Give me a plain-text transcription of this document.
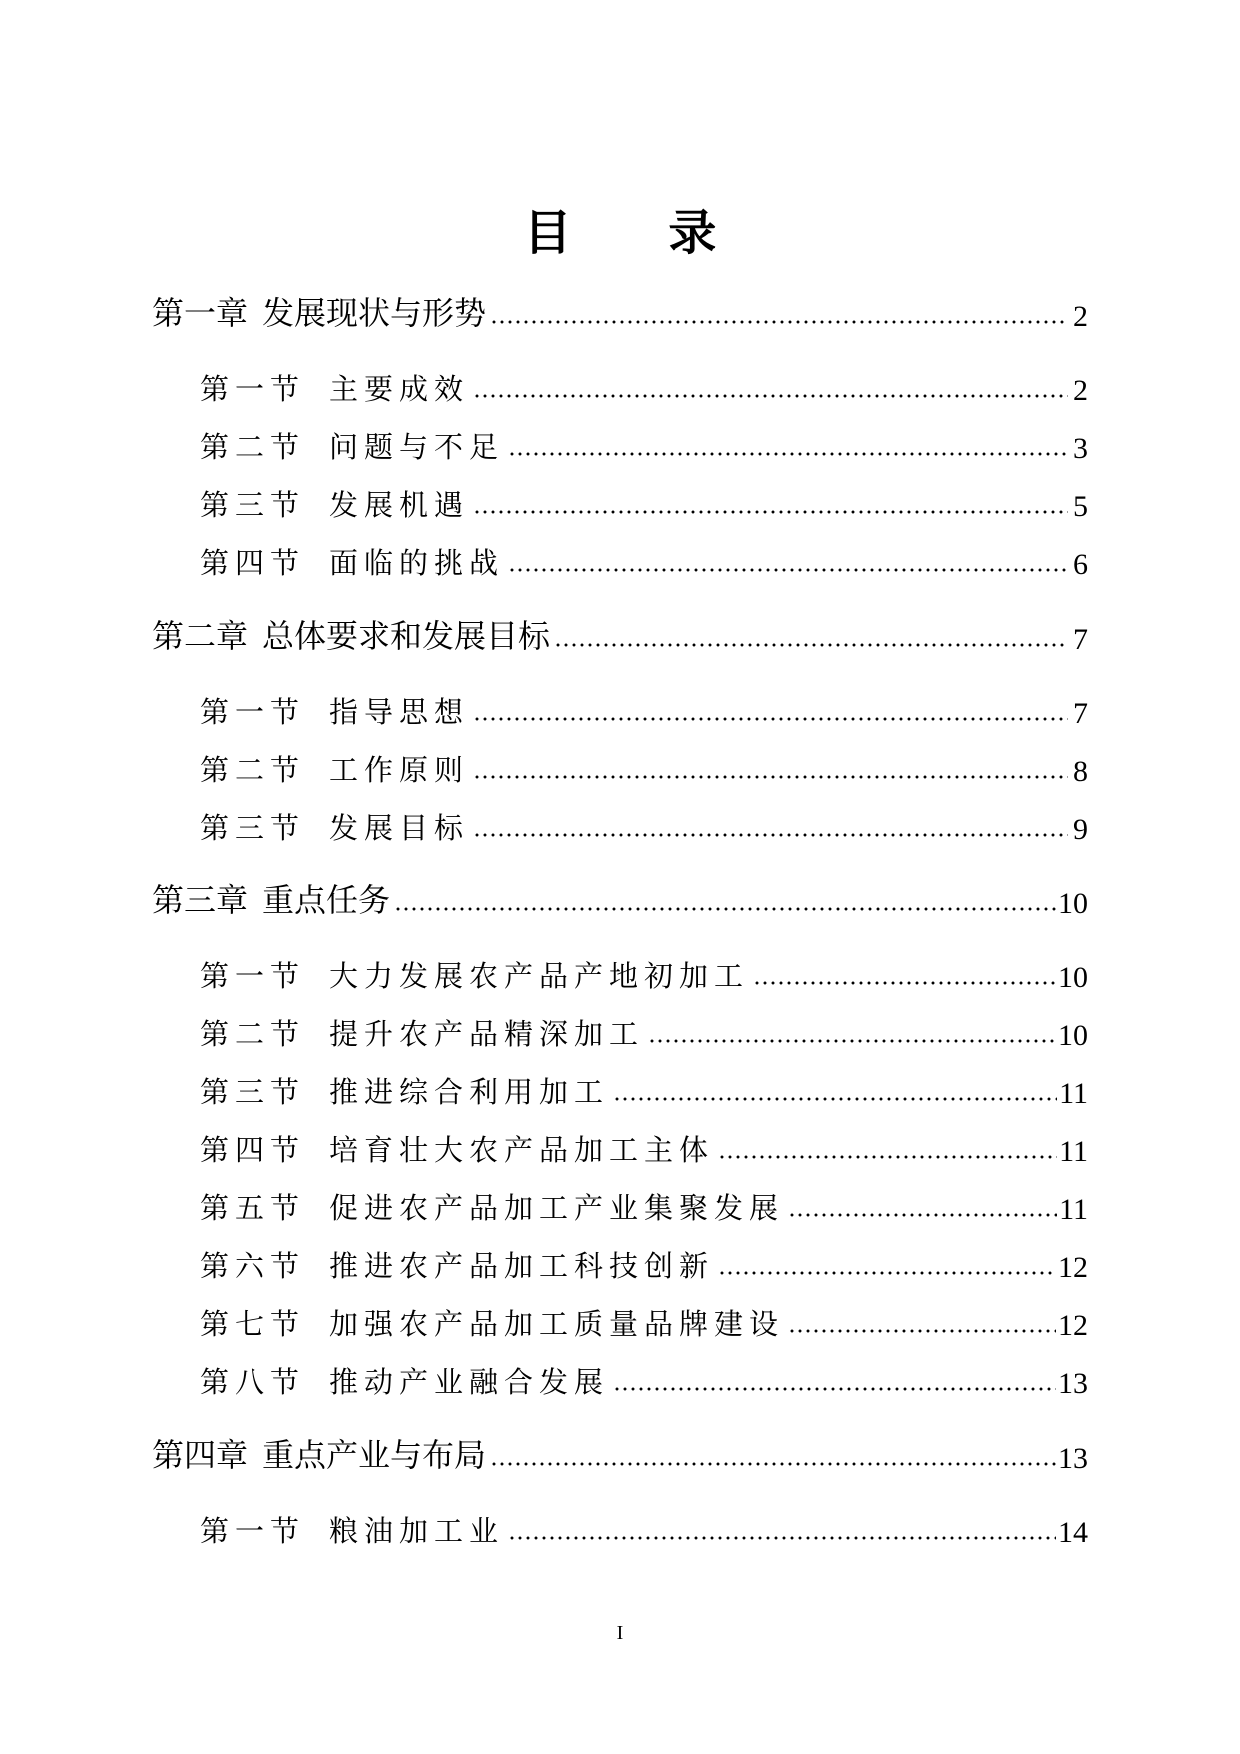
目 录
第一章 发展现状与形势	2
第一节 主要成效	2
第二节 问题与不足	3
第三节 发展机遇	5
第四节 面临的挑战	6
第二章 总体要求和发展目标	7
第一节 指导思想	7
第二节 工作原则	8
第三节 发展目标	9
第三章 重点任务	10
第一节 大力发展农产品产地初加工	10
第二节 提升农产品精深加工	10
第三节 推进综合利用加工	11
第四节 培育壮大农产品加工主体	11
第五节 促进农产品加工产业集聚发展	11
第六节 推进农产品加工科技创新	12
第七节 加强农产品加工质量品牌建设	12
第八节 推动产业融合发展	13
第四章 重点产业与布局	13
第一节 粮油加工业	14
I
